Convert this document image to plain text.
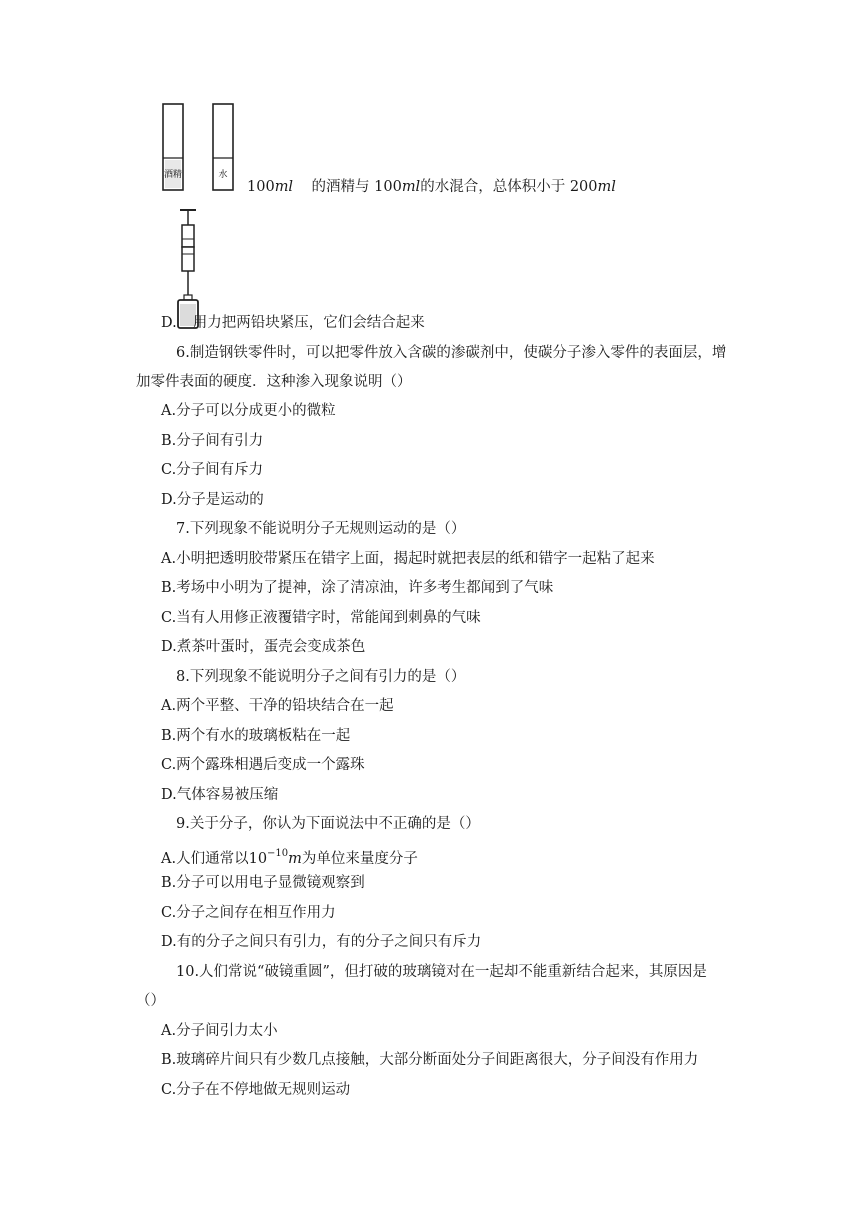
酒精	水
100ml 的酒精与 100ml的水混合，总体积小于 200ml
D. 用力把两铅块紧压，它们会结合起来
6.制造钢铁零件时，可以把零件放入含碳的渗碳剂中，使碳分子渗入零件的表面层，增
加零件表面的硬度．这种渗入现象说明（）
A.分子可以分成更小的微粒
B.分子间有引力
C.分子间有斥力
D.分子是运动的
7.下列现象不能说明分子无规则运动的是（）
A.小明把透明胶带紧压在错字上面，揭起时就把表层的纸和错字一起粘了起来
B.考场中小明为了提神，涂了清凉油，许多考生都闻到了气味
C.当有人用修正液覆错字时，常能闻到刺鼻的气味
D.煮茶叶蛋时，蛋壳会变成茶色
8.下列现象不能说明分子之间有引力的是（）
A.两个平整、干净的铅块结合在一起
B.两个有水的玻璃板粘在一起
C.两个露珠相遇后变成一个露珠
D.气体容易被压缩
9.关于分子，你认为下面说法中不正确的是（）
A.人们通常以$10^{-10}m$为单位来量度分子
B.分子可以用电子显微镜观察到
C.分子之间存在相互作用力
D.有的分子之间只有引力，有的分子之间只有斥力
10.人们常说“破镜重圆”，但打破的玻璃镜对在一起却不能重新结合起来，其原因是
（）
A.分子间引力太小
B.玻璃碎片间只有少数几点接触，大部分断面处分子间距离很大，分子间没有作用力
C.分子在不停地做无规则运动
